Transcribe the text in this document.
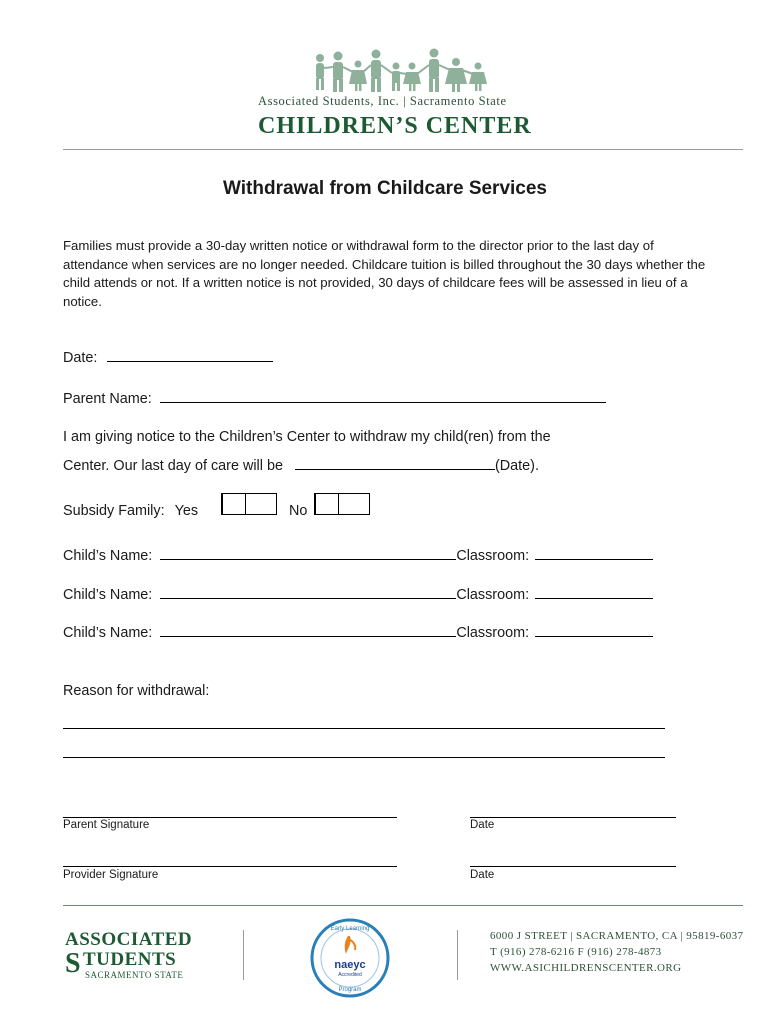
Associated Students, Inc. | Sacramento State
CHILDREN’S CENTER
Withdrawal from Childcare Services
Families must provide a 30-day written notice or withdrawal form to the director prior to the last day of attendance when services are no longer needed. Childcare tuition is billed throughout the 30 days whether the child attends or not. If a written notice is not provided, 30 days of childcare fees will be assessed in lieu of a notice.
Date:
Parent Name:
I am giving notice to the Children’s Center to withdraw my child(ren) from the
Center. Our last day of care will be	(Date).
Subsidy Family: Yes	No
Child’s Name:	Classroom:
Child’s Name:	Classroom:
Child’s Name:	Classroom:
Reason for withdrawal:
Parent Signature	Date
Provider Signature	Date
ASSOCIATED
S TUDENTS
SACRAMENTO STATE
Early Learning
naeyc
Accredited
Program
6000 J STREET | SACRAMENTO, CA | 95819-6037
T (916) 278-6216 F (916) 278-4873
WWW.ASICHILDRENSCENTER.ORG
